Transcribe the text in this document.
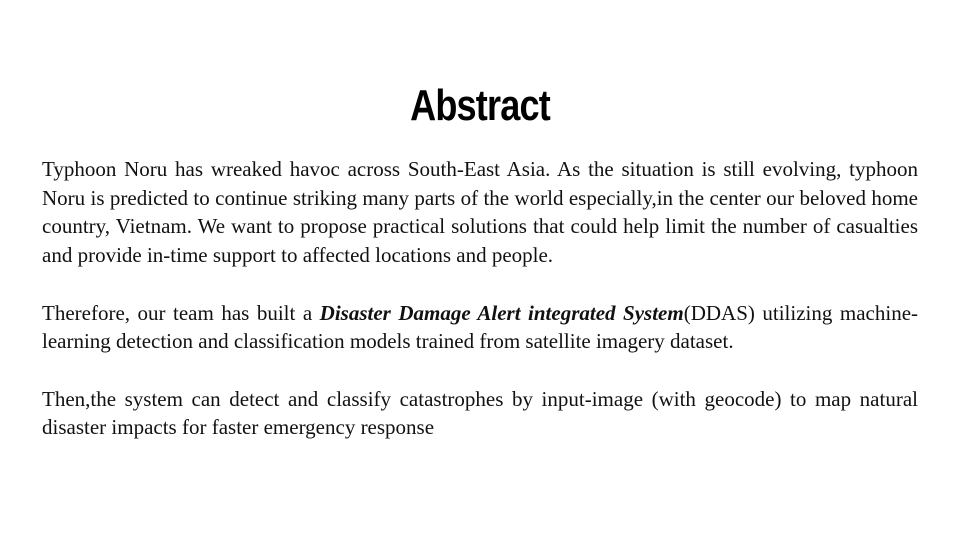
Abstract

Typhoon Noru has wreaked havoc across South-East Asia. As the situation is still evolving, typhoon Noru is predicted to continue striking many parts of the world especially,in the center our beloved home country, Vietnam. We want to propose practical solutions that could help limit the number of casualties and provide in-time support to affected locations and people.

Therefore, our team has built a Disaster Damage Alert integrated System(DDAS) utilizing machine-learning detection and classification models trained from satellite imagery dataset.

Then,the system can detect and classify catastrophes by input-image (with geocode) to map natural disaster impacts for faster emergency response
